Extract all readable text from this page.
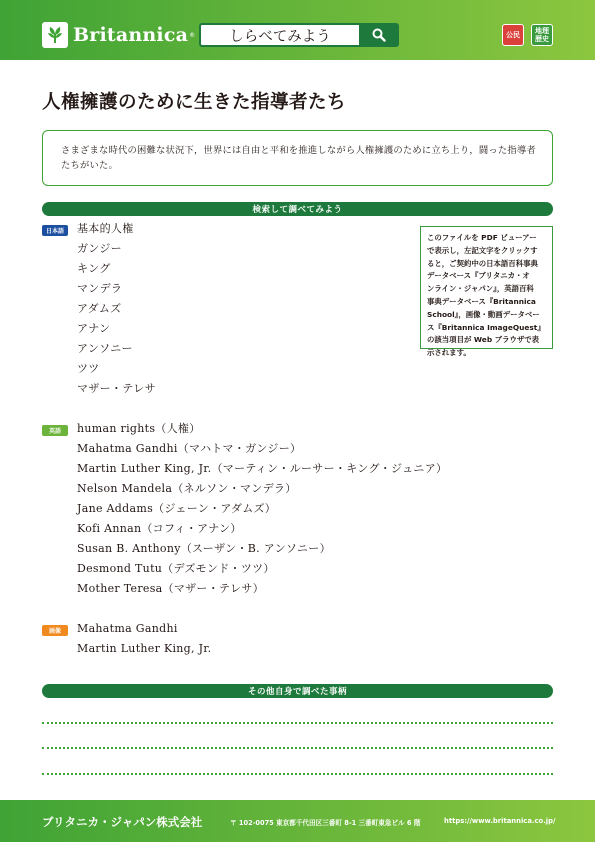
Britannica ®	しらべてみよう	公民	地理
歴史
人権擁護のために生きた指導者たち
さまざまな時代の困難な状況下，世界には自由と平和を推進しながら人権擁護のために立ち上り，闘った指導者たちがいた。
検索して調べてみよう
日本語	基本的人権
ガンジー
キング
マンデラ
アダムズ
アナン
アンソニー
ツツ
マザー・テレサ
このファイルを PDF ビューアー
で表示し，左記文字をクリックす
ると，ご契約中の日本語百科事典
データベース『ブリタニカ・オ
ンライン・ジャパン』，英語百科
事典データベース『Britannica
School』，画像・動画データベー
ス『Britannica ImageQuest』
の該当項目が Web ブラウザで表
示されます。
英語	human rights（人権）
Mahatma Gandhi（マハトマ・ガンジー）
Martin Luther King, Jr.（マーティン・ルーサー・キング・ジュニア）
Nelson Mandela（ネルソン・マンデラ）
Jane Addams（ジェーン・アダムズ）
Kofi Annan（コフィ・アナン）
Susan B. Anthony（スーザン・B. アンソニー）
Desmond Tutu（デズモンド・ツツ）
Mother Teresa（マザー・テレサ）
画像	Mahatma Gandhi
Martin Luther King, Jr.
その他自身で調べた事柄
ブリタニカ・ジャパン株式会社	〒 102-0075 東京都千代田区三番町 8-1 三番町東急ビル 6 階	https://www.britannica.co.jp/
